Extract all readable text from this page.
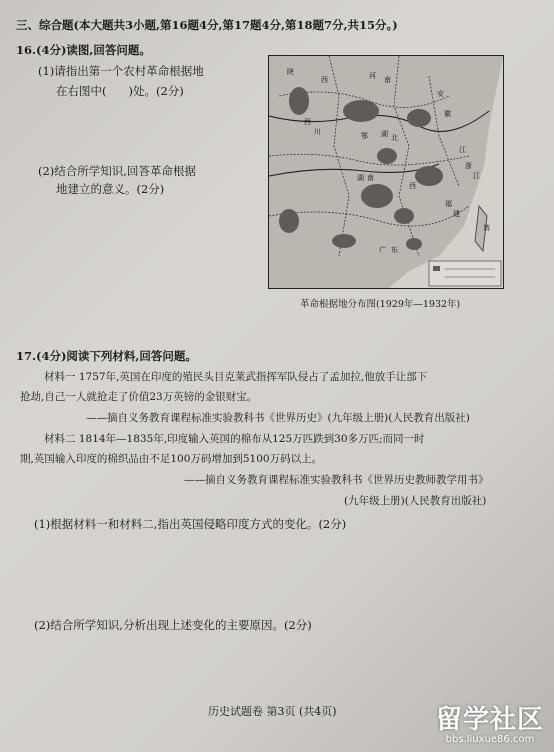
三、综合题(本大题共3小题,第16题4分,第17题4分,第18题7分,共15分。)
16.(4分)读图,回答问题。
(1)请指出第一个农村革命根据地
在右图中( )处。(2分)
(2)结合所学知识,回答革命根据
地建立的意义。(2分)
陕
西	河 南
安
徽
西
川	鄂 湖 北
江
湖 南
浙
江
西
福
建
广 东
湾
革命根据地分布图(1929年—1932年)
17.(4分)阅读下列材料,回答问题。
材料一 1757年,英国在印度的殖民头目克莱武指挥军队侵占了孟加拉,他放手让部下
抢劫,自己一人就抢走了价值23万英镑的金银财宝。
——摘自义务教育课程标准实验教科书《世界历史》(九年级上册)(人民教育出版社)
材料二 1814年—1835年,印度输入英国的棉布从125万匹跌到30多万匹;而同一时
期,英国输入印度的棉织品由不足100万码增加到5100万码以上。
——摘自义务教育课程标准实验教科书《世界历史教师教学用书》
(九年级上册)(人民教育出版社)
(1)根据材料一和材料二,指出英国侵略印度方式的变化。(2分)
(2)结合所学知识,分析出现上述变化的主要原因。(2分)
历史试题卷 第3页 (共4页)	留学社区
bbs.liuxue86.com
